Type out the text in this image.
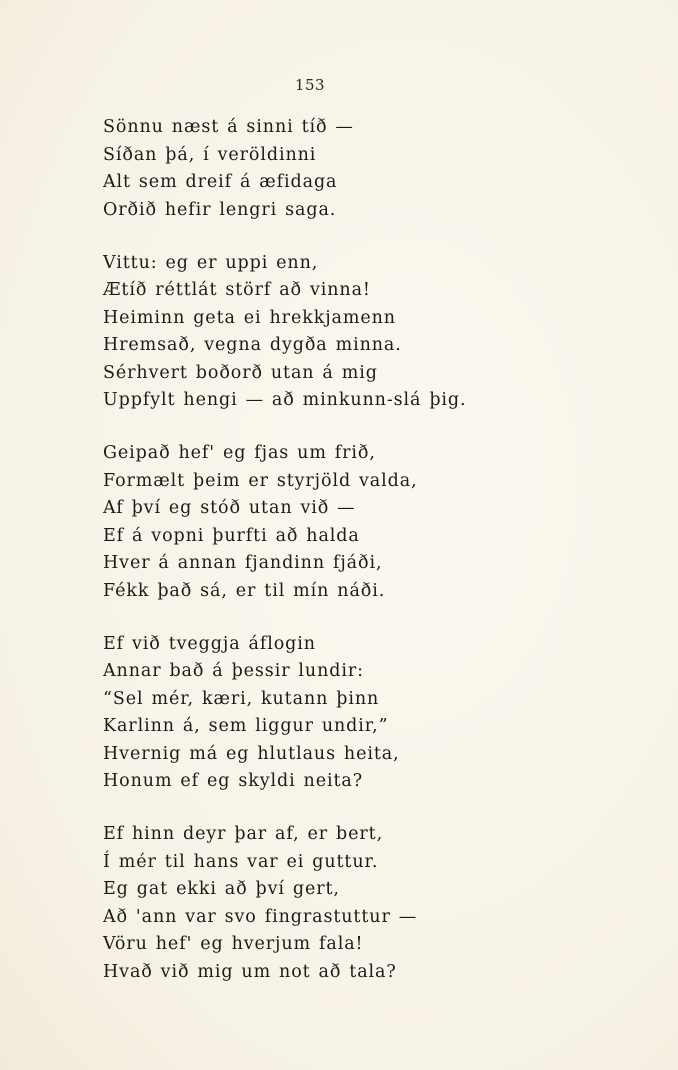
153
Sönnu næst á sinni tíð —
Síðan þá, í veröldinni
Alt sem dreif á æfidaga
Orðið hefir lengri saga.
Vittu: eg er uppi enn,
Ætíð réttlát störf að vinna!
Heiminn geta ei hrekkjamenn
Hremsað, vegna dygða minna.
Sérhvert boðorð utan á mig
Uppfylt hengi — að minkunn-slá þig.
Geipað hef' eg fjas um frið,
Formælt þeim er styrjöld valda,
Af því eg stóð utan við —
Ef á vopni þurfti að halda
Hver á annan fjandinn fjáði,
Fékk það sá, er til mín náði.
Ef við tveggja áflogin
Annar bað á þessir lundir:
“Sel mér, kæri, kutann þinn
Karlinn á, sem liggur undir,”
Hvernig má eg hlutlaus heita,
Honum ef eg skyldi neita?
Ef hinn deyr þar af, er bert,
Í mér til hans var ei guttur.
Eg gat ekki að því gert,
Að 'ann var svo fingrastuttur —
Vöru hef' eg hverjum fala!
Hvað við mig um not að tala?
